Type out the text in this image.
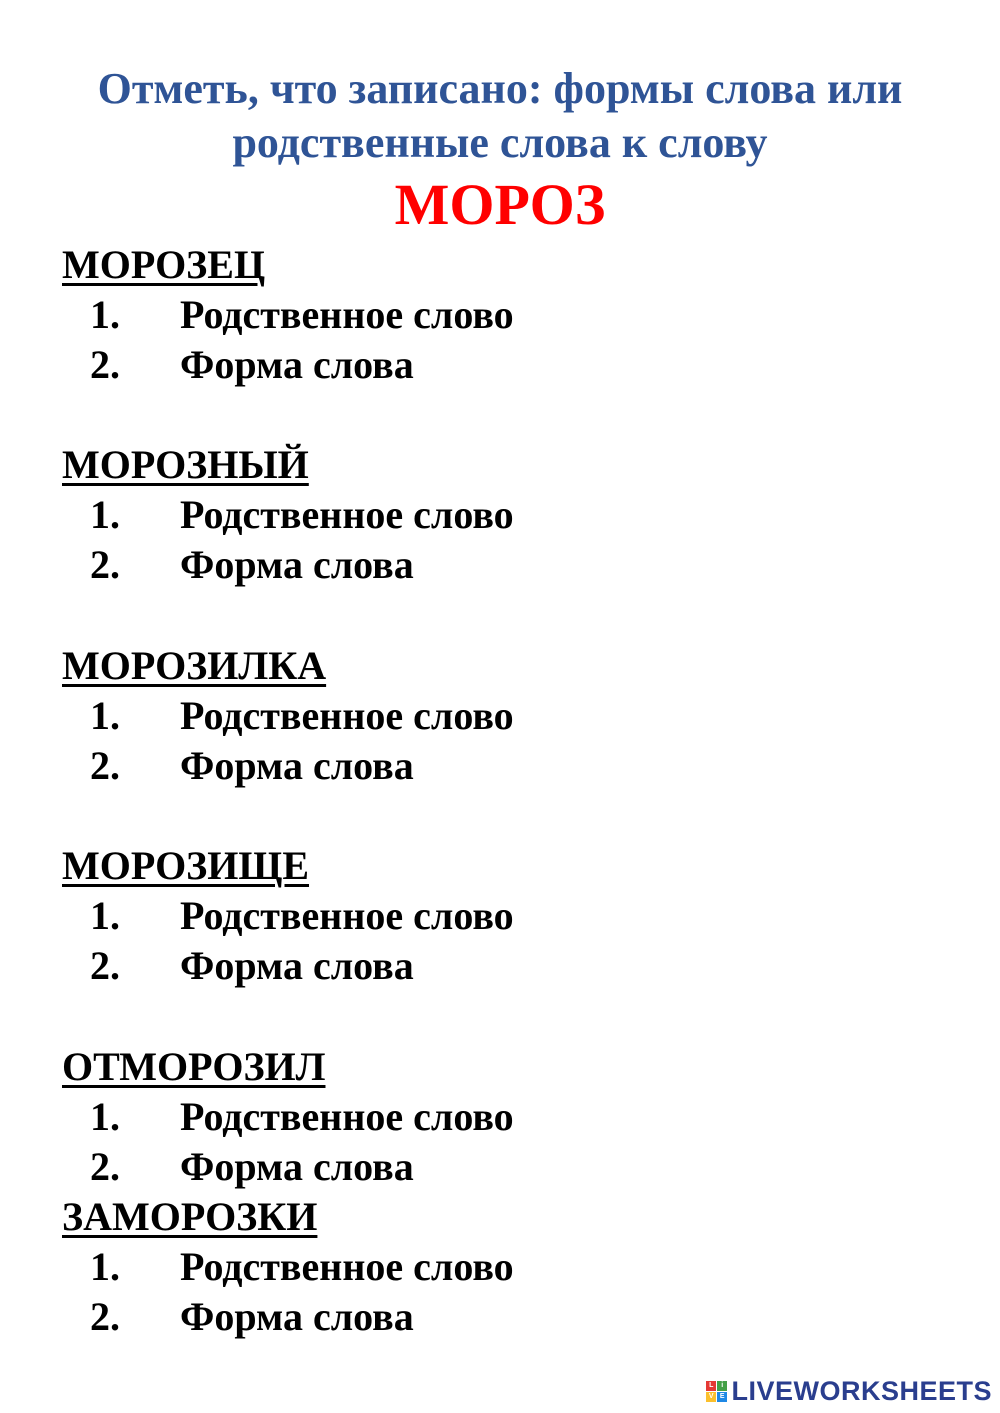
Отметь, что записано: формы слова или
родственные слова к слову
МОРОЗ
МОРОЗЕЦ
1. Родственное слово
2. Форма слова
МОРОЗНЫЙ
1. Родственное слово
2. Форма слова
МОРОЗИЛКА
1. Родственное слово
2. Форма слова
МОРОЗИЩЕ
1. Родственное слово
2. Форма слова
ОТМОРОЗИЛ
1. Родственное слово
2. Форма слова
ЗАМОРОЗКИ
1. Родственное слово
2. Форма слова
L	i
V E LIVEWORKSHEETS
